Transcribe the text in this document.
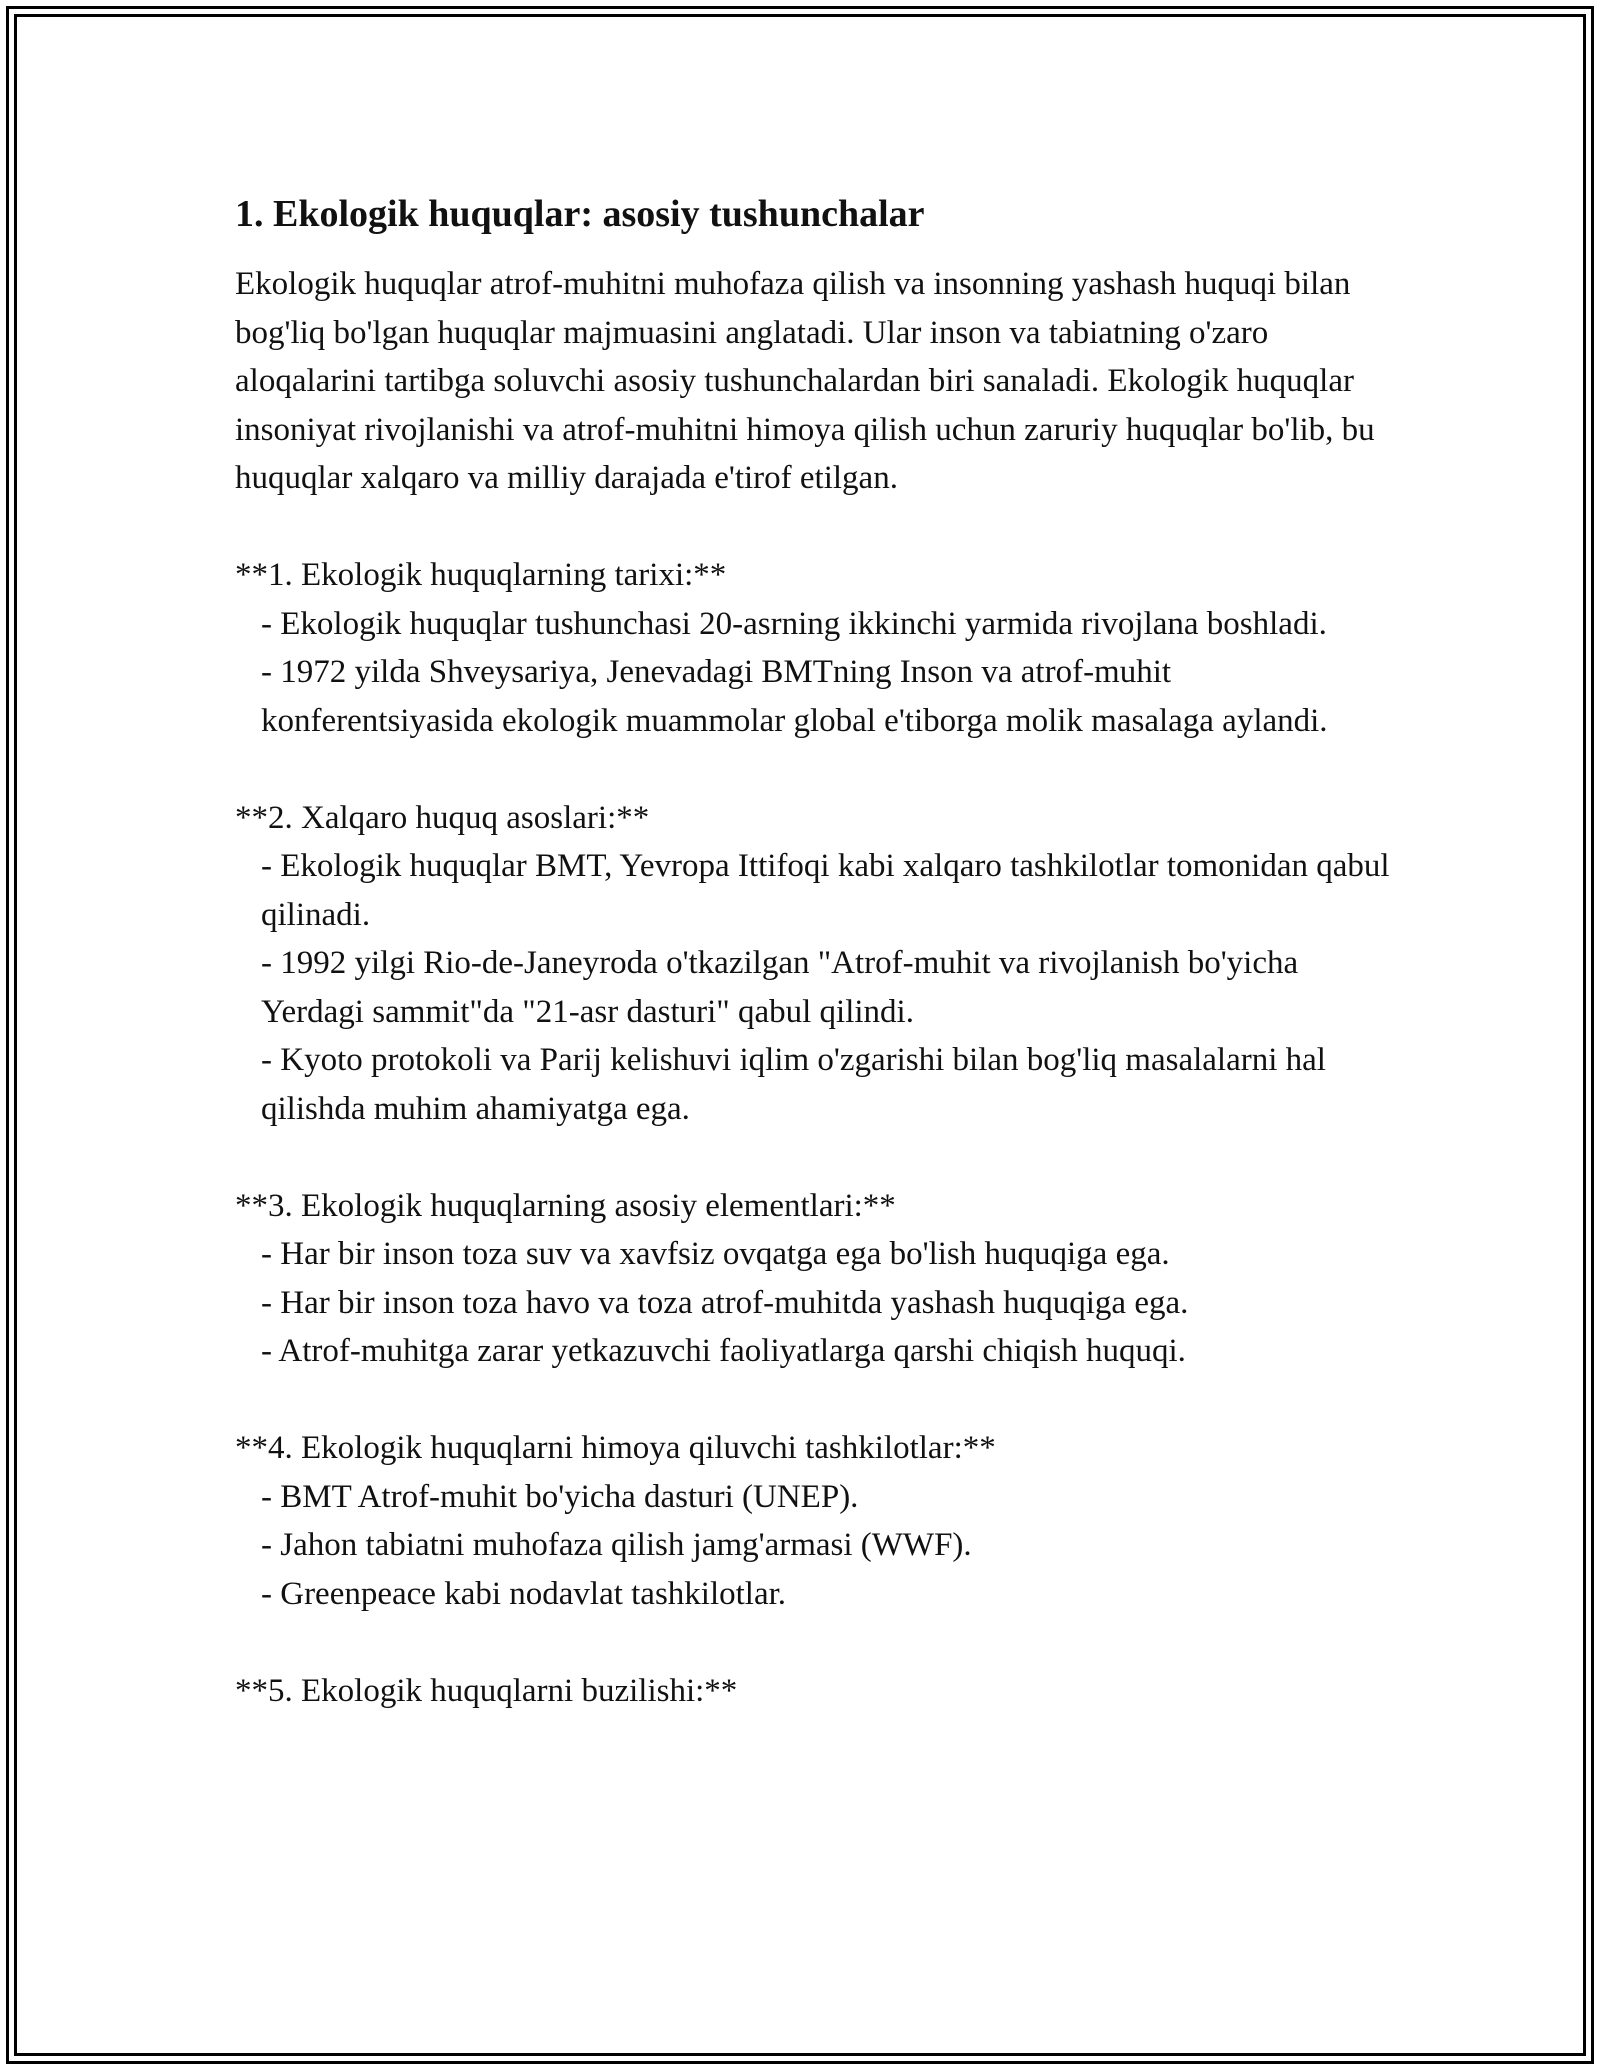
1. Ekologik huquqlar: asosiy tushunchalar

Ekologik huquqlar atrof-muhitni muhofaza qilish va insonning yashash huquqi bilan bog'liq bo'lgan huquqlar majmuasini anglatadi. Ular inson va tabiatning o'zaro aloqalarini tartibga soluvchi asosiy tushunchalardan biri sanaladi. Ekologik huquqlar insoniyat rivojlanishi va atrof-muhitni himoya qilish uchun zaruriy huquqlar bo'lib, bu huquqlar xalqaro va milliy darajada e'tirof etilgan.

**1. Ekologik huquqlarning tarixi:**

- Ekologik huquqlar tushunchasi 20-asrning ikkinchi yarmida rivojlana boshladi.

- 1972 yilda Shveysariya, Jenevadagi BMTning Inson va atrof-muhit konferentsiyasida ekologik muammolar global e'tiborga molik masalaga aylandi.

**2. Xalqaro huquq asoslari:**

- Ekologik huquqlar BMT, Yevropa Ittifoqi kabi xalqaro tashkilotlar tomonidan qabul qilinadi.

- 1992 yilgi Rio-de-Janeyroda o'tkazilgan "Atrof-muhit va rivojlanish bo'yicha Yerdagi sammit"da "21-asr dasturi" qabul qilindi.

- Kyoto protokoli va Parij kelishuvi iqlim o'zgarishi bilan bog'liq masalalarni hal qilishda muhim ahamiyatga ega.

**3. Ekologik huquqlarning asosiy elementlari:**

- Har bir inson toza suv va xavfsiz ovqatga ega bo'lish huquqiga ega.

- Har bir inson toza havo va toza atrof-muhitda yashash huquqiga ega.

- Atrof-muhitga zarar yetkazuvchi faoliyatlarga qarshi chiqish huquqi.

**4. Ekologik huquqlarni himoya qiluvchi tashkilotlar:**

- BMT Atrof-muhit bo'yicha dasturi (UNEP).

- Jahon tabiatni muhofaza qilish jamg'armasi (WWF).

- Greenpeace kabi nodavlat tashkilotlar.

**5. Ekologik huquqlarni buzilishi:**
